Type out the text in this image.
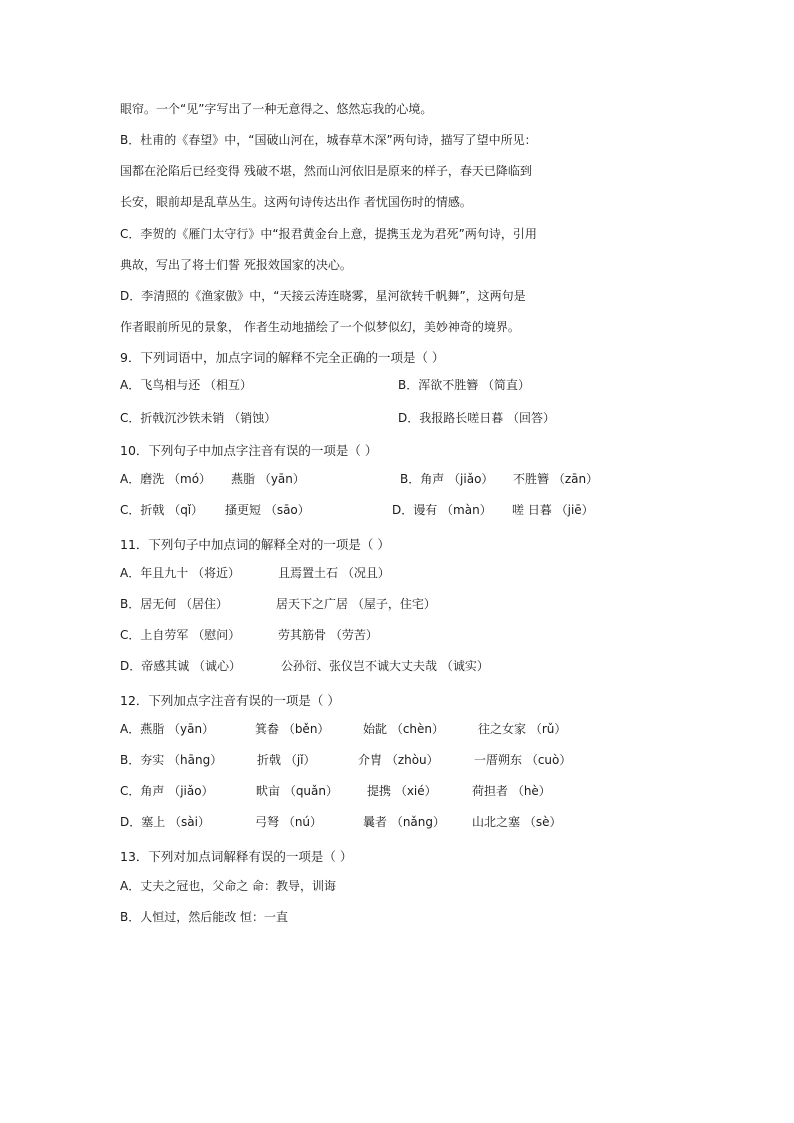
眼帘。一个“见”字写出了一种无意得之、悠然忘我的心境。
B．杜甫的《春望》中，“国破山河在，城春草木深”两句诗，描写了望中所见：
国都在沦陷后已经变得 残破不堪，然而山河依旧是原来的样子，春天已降临到
长安，眼前却是乱草丛生。这两句诗传达出作 者忧国伤时的情感。
C．李贺的《雁门太守行》中“报君黄金台上意，提携玉龙为君死”两句诗，引用
典故，写出了将士们誓 死报效国家的决心。
D．李清照的《渔家傲》中，“天接云涛连晓雾，星河欲转千帆舞”，这两句是
作者眼前所见的景象， 作者生动地描绘了一个似梦似幻，美妙神奇的境界。
9．下列词语中，加点字词的解释不完全正确的一项是（ ）
A．飞鸟相与还 （相互）	B．浑欲不胜簪 （简直）
C．折戟沉沙铁未销 （销蚀）	D．我报路长嗟日暮 （回答）
10．下列句子中加点字注音有误的一项是（ ）
A．磨洗 （mó） 燕脂 （yān）	B．角声 （jiǎo） 不胜簪 （zān）
C．折戟 （qǐ） 搔更短 （sāo）	D．谩有 （màn） 嗟 日暮 （jiē）
11．下列句子中加点词的解释全对的一项是（ ）
A．年且九十 （将近）	且焉置土石 （况且）
B．居无何 （居住）	居天下之广居 （屋子，住宅）
C．上自劳军 （慰问）	劳其筋骨 （劳苦）
D．帝感其诚 （诚心）	公孙衍、张仪岂不诚大丈夫哉 （诚实）
12．下列加点字注音有误的一项是（ ）
A．燕脂 （yān）	箕畚 （běn）	始龀 （chèn）	往之女家 （rǔ）
B．夯实 （hāng）	折戟 （jǐ）	介胄 （zhòu）	一厝朔东 （cuò）
C．角声 （jiǎo）	畎亩 （quǎn） 提携 （xié）	荷担者 （hè）
D．塞上 （sài）	弓弩 （nú）	曩者 （nǎng） 山北之塞 （sè）
13．下列对加点词解释有误的一项是（ ）
A．丈夫之冠也，父命之 命：教导，训诲
B．人恒过，然后能改 恒：一直
